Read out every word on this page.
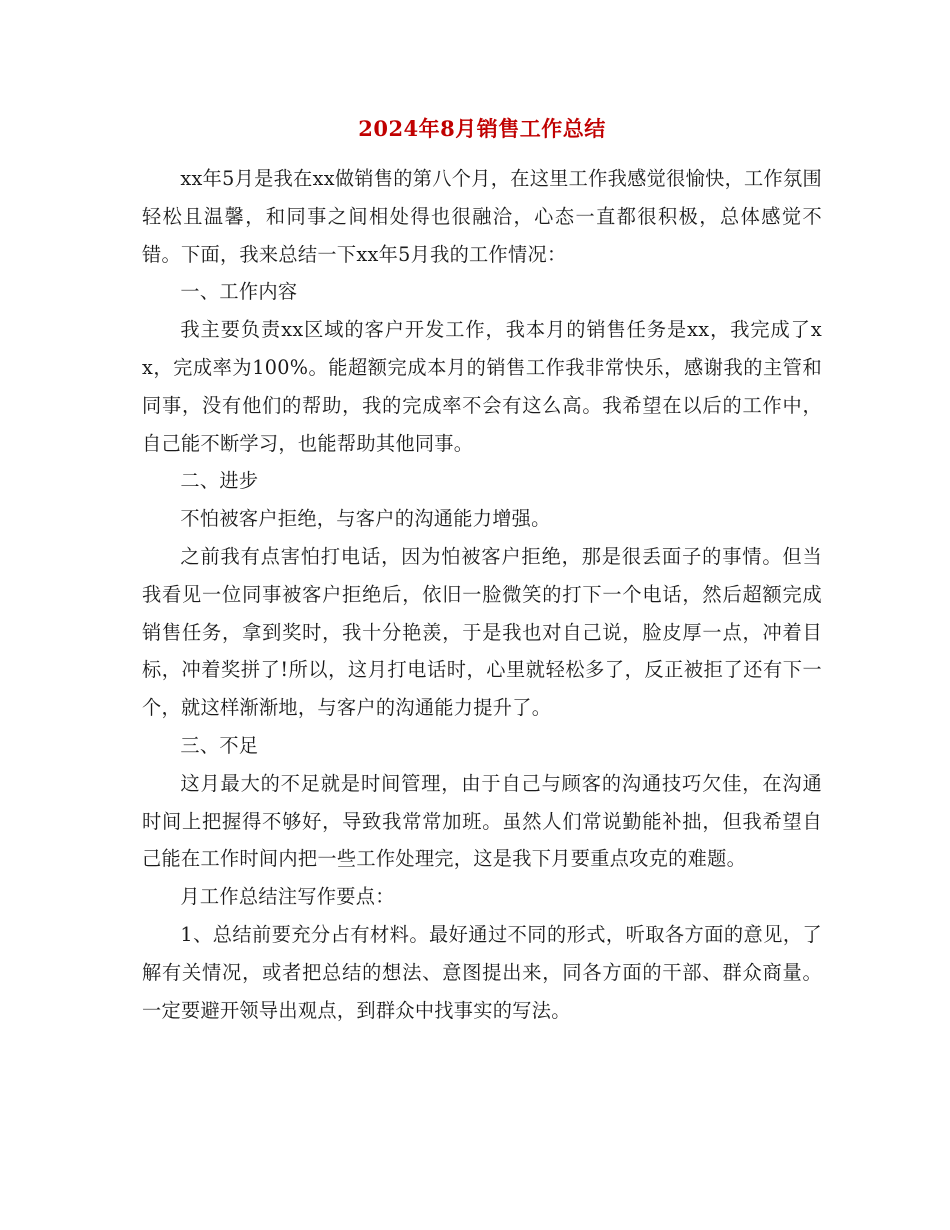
2024年8月销售工作总结

xx年5月是我在xx做销售的第八个月，在这里工作我感觉很愉快，工作氛围轻松且温馨，和同事之间相处得也很融洽，心态一直都很积极，总体感觉不错。下面，我来总结一下xx年5月我的工作情况：

一、工作内容

我主要负责xx区域的客户开发工作，我本月的销售任务是xx，我完成了xx，完成率为100%。能超额完成本月的销售工作我非常快乐，感谢我的主管和同事，没有他们的帮助，我的完成率不会有这么高。我希望在以后的工作中，自己能不断学习，也能帮助其他同事。

二、进步

不怕被客户拒绝，与客户的沟通能力增强。

之前我有点害怕打电话，因为怕被客户拒绝，那是很丢面子的事情。但当我看见一位同事被客户拒绝后，依旧一脸微笑的打下一个电话，然后超额完成销售任务，拿到奖时，我十分艳羡，于是我也对自己说，脸皮厚一点，冲着目标，冲着奖拼了!所以，这月打电话时，心里就轻松多了，反正被拒了还有下一个，就这样渐渐地，与客户的沟通能力提升了。

三、不足

这月最大的不足就是时间管理，由于自己与顾客的沟通技巧欠佳，在沟通时间上把握得不够好，导致我常常加班。虽然人们常说勤能补拙，但我希望自己能在工作时间内把一些工作处理完，这是我下月要重点攻克的难题。

月工作总结注写作要点：

1、总结前要充分占有材料。最好通过不同的形式，听取各方面的意见，了解有关情况，或者把总结的想法、意图提出来，同各方面的干部、群众商量。一定要避开领导出观点，到群众中找事实的写法。
